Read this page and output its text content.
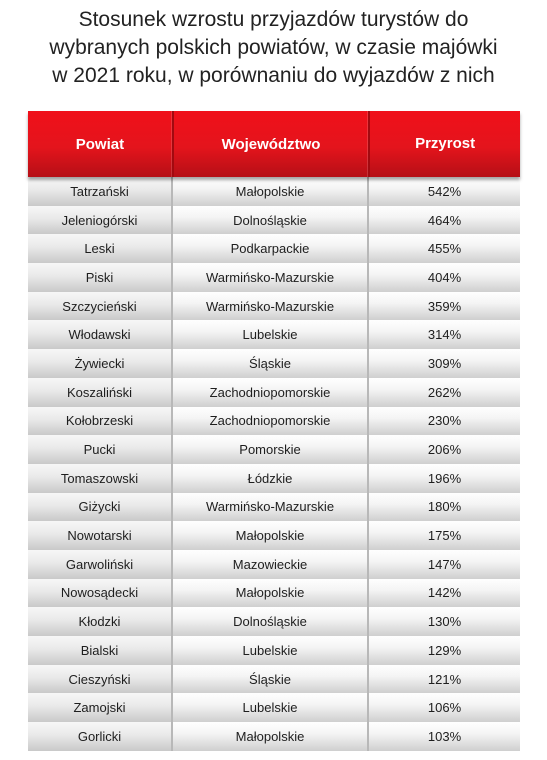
Stosunek wzrostu przyjazdów turystów do
wybranych polskich powiatów, w czasie majówki
w 2021 roku, w porównaniu do wyjazdów z nich
Powiat	Województwo	Przyrost
Tatrzański	Małopolskie	542%
Jeleniogórski	Dolnośląskie	464%
Leski	Podkarpackie	455%
Piski	Warmińsko-Mazurskie	404%
Szczycieński	Warmińsko-Mazurskie	359%
Włodawski	Lubelskie	314%
Żywiecki	Śląskie	309%
Koszaliński	Zachodniopomorskie	262%
Kołobrzeski	Zachodniopomorskie	230%
Pucki	Pomorskie	206%
Tomaszowski	Łódzkie	196%
Giżycki	Warmińsko-Mazurskie	180%
Nowotarski	Małopolskie	175%
Garwoliński	Mazowieckie	147%
Nowosądecki	Małopolskie	142%
Kłodzki	Dolnośląskie	130%
Bialski	Lubelskie	129%
Cieszyński	Śląskie	121%
Zamojski	Lubelskie	106%
Gorlicki	Małopolskie	103%
